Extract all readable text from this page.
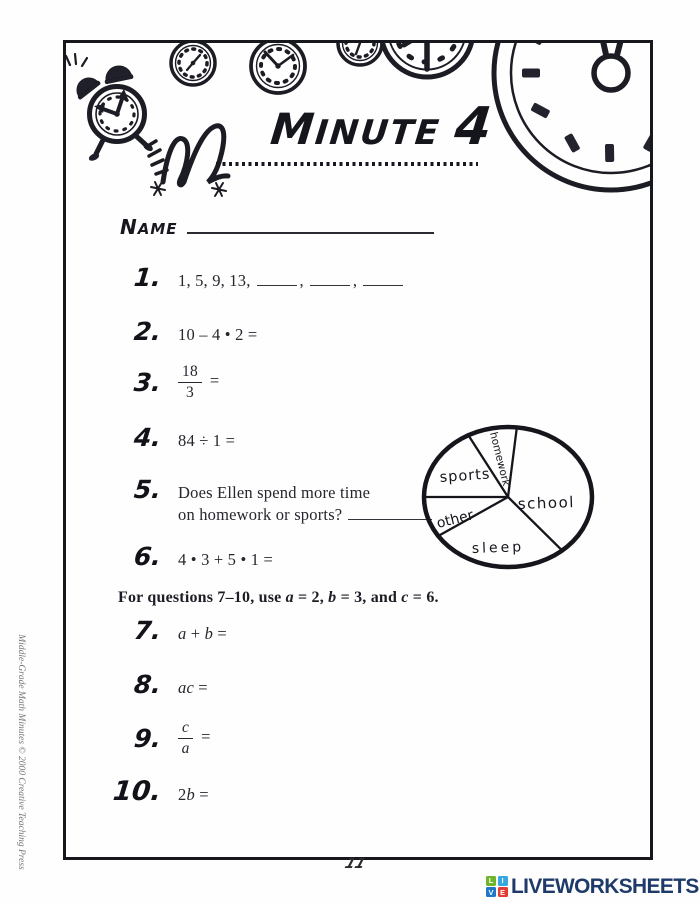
Middle-Grade Math Minutes © 2000 Creative Teaching Press
MINUTE 4
NAME
1. 1, 5, 9, 13,	,	,
2. 10 – 4 • 2 =
3. $\frac{18}{3}$ =
4. 84 ÷ 1 =
5. Does Ellen spend more time
on homework or sports?
6. 4 • 3 + 5 • 1 =
For questions 7–10, use a = 2, b = 3, and c = 6.
7. a + b =
8. ac =
9. $\frac{c}{a}$ =
10. 2b =
homework
sports
other
sleep
school
11
L	I
V E LIVEWORKSHEETS
